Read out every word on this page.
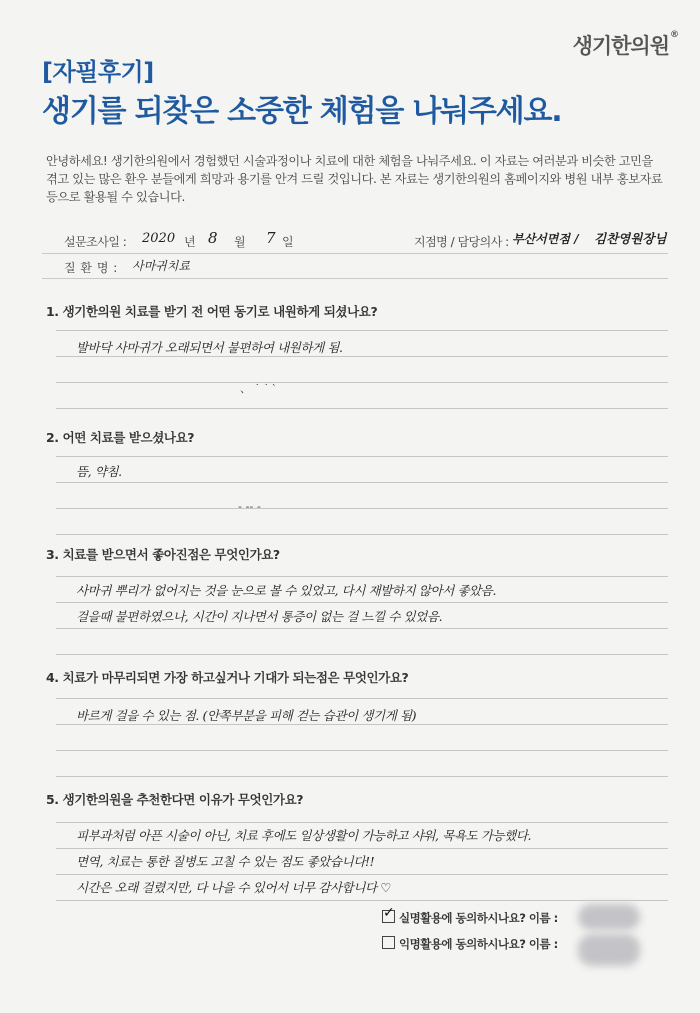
생기한의원®
[자필후기]
생기를 되찾은 소중한 체험을 나눠주세요.
안녕하세요! 생기한의원에서 경험했던 시술과정이나 치료에 대한 체험을 나눠주세요. 이 자료는 여러분과 비슷한 고민을 겪고 있는 많은 환우 분들에게 희망과 용기를 안겨 드릴 것입니다. 본 자료는 생기한의원의 홈페이지와 병원 내부 홍보자료 등으로 활용될 수 있습니다.
설문조사일 : 2020 년 8 월 7 일	지점명 / 담당의사 : 부산서면점 / 김찬영원장님
질 환 명 : 사마귀치료
1. 생기한의원 치료를 받기 전 어떤 동기로 내원하게 되셨나요?
발바닥 사마귀가 오래되면서 불편하여 내원하게 됨.
、 ˙ ˙ ‵
2. 어떤 치료를 받으셨나요?
뜸, 약침.
- -‐ -
3. 치료를 받으면서 좋아진점은 무엇인가요?
사마귀 뿌리가 없어지는 것을 눈으로 볼 수 있었고, 다시 재발하지 않아서 좋았음.
걸을때 불편하였으나, 시간이 지나면서 통증이 없는 걸 느낄 수 있었음.
4. 치료가 마무리되면 가장 하고싶거나 기대가 되는점은 무엇인가요?
바르게 걸을 수 있는 점. (안쪽부분을 피해 걷는 습관이 생기게 됨)
5. 생기한의원을 추천한다면 이유가 무엇인가요?
피부과처럼 아픈 시술이 아닌, 치료 후에도 일상생활이 가능하고 샤워, 목욕도 가능했다.
면역, 치료는 통한 질병도 고칠 수 있는 점도 좋았습니다!!
시간은 오래 걸렸지만, 다 나을 수 있어서 너무 감사합니다 ♡
✓실명활용에 동의하시나요? 이름 :
익명활용에 동의하시나요? 이름 :
